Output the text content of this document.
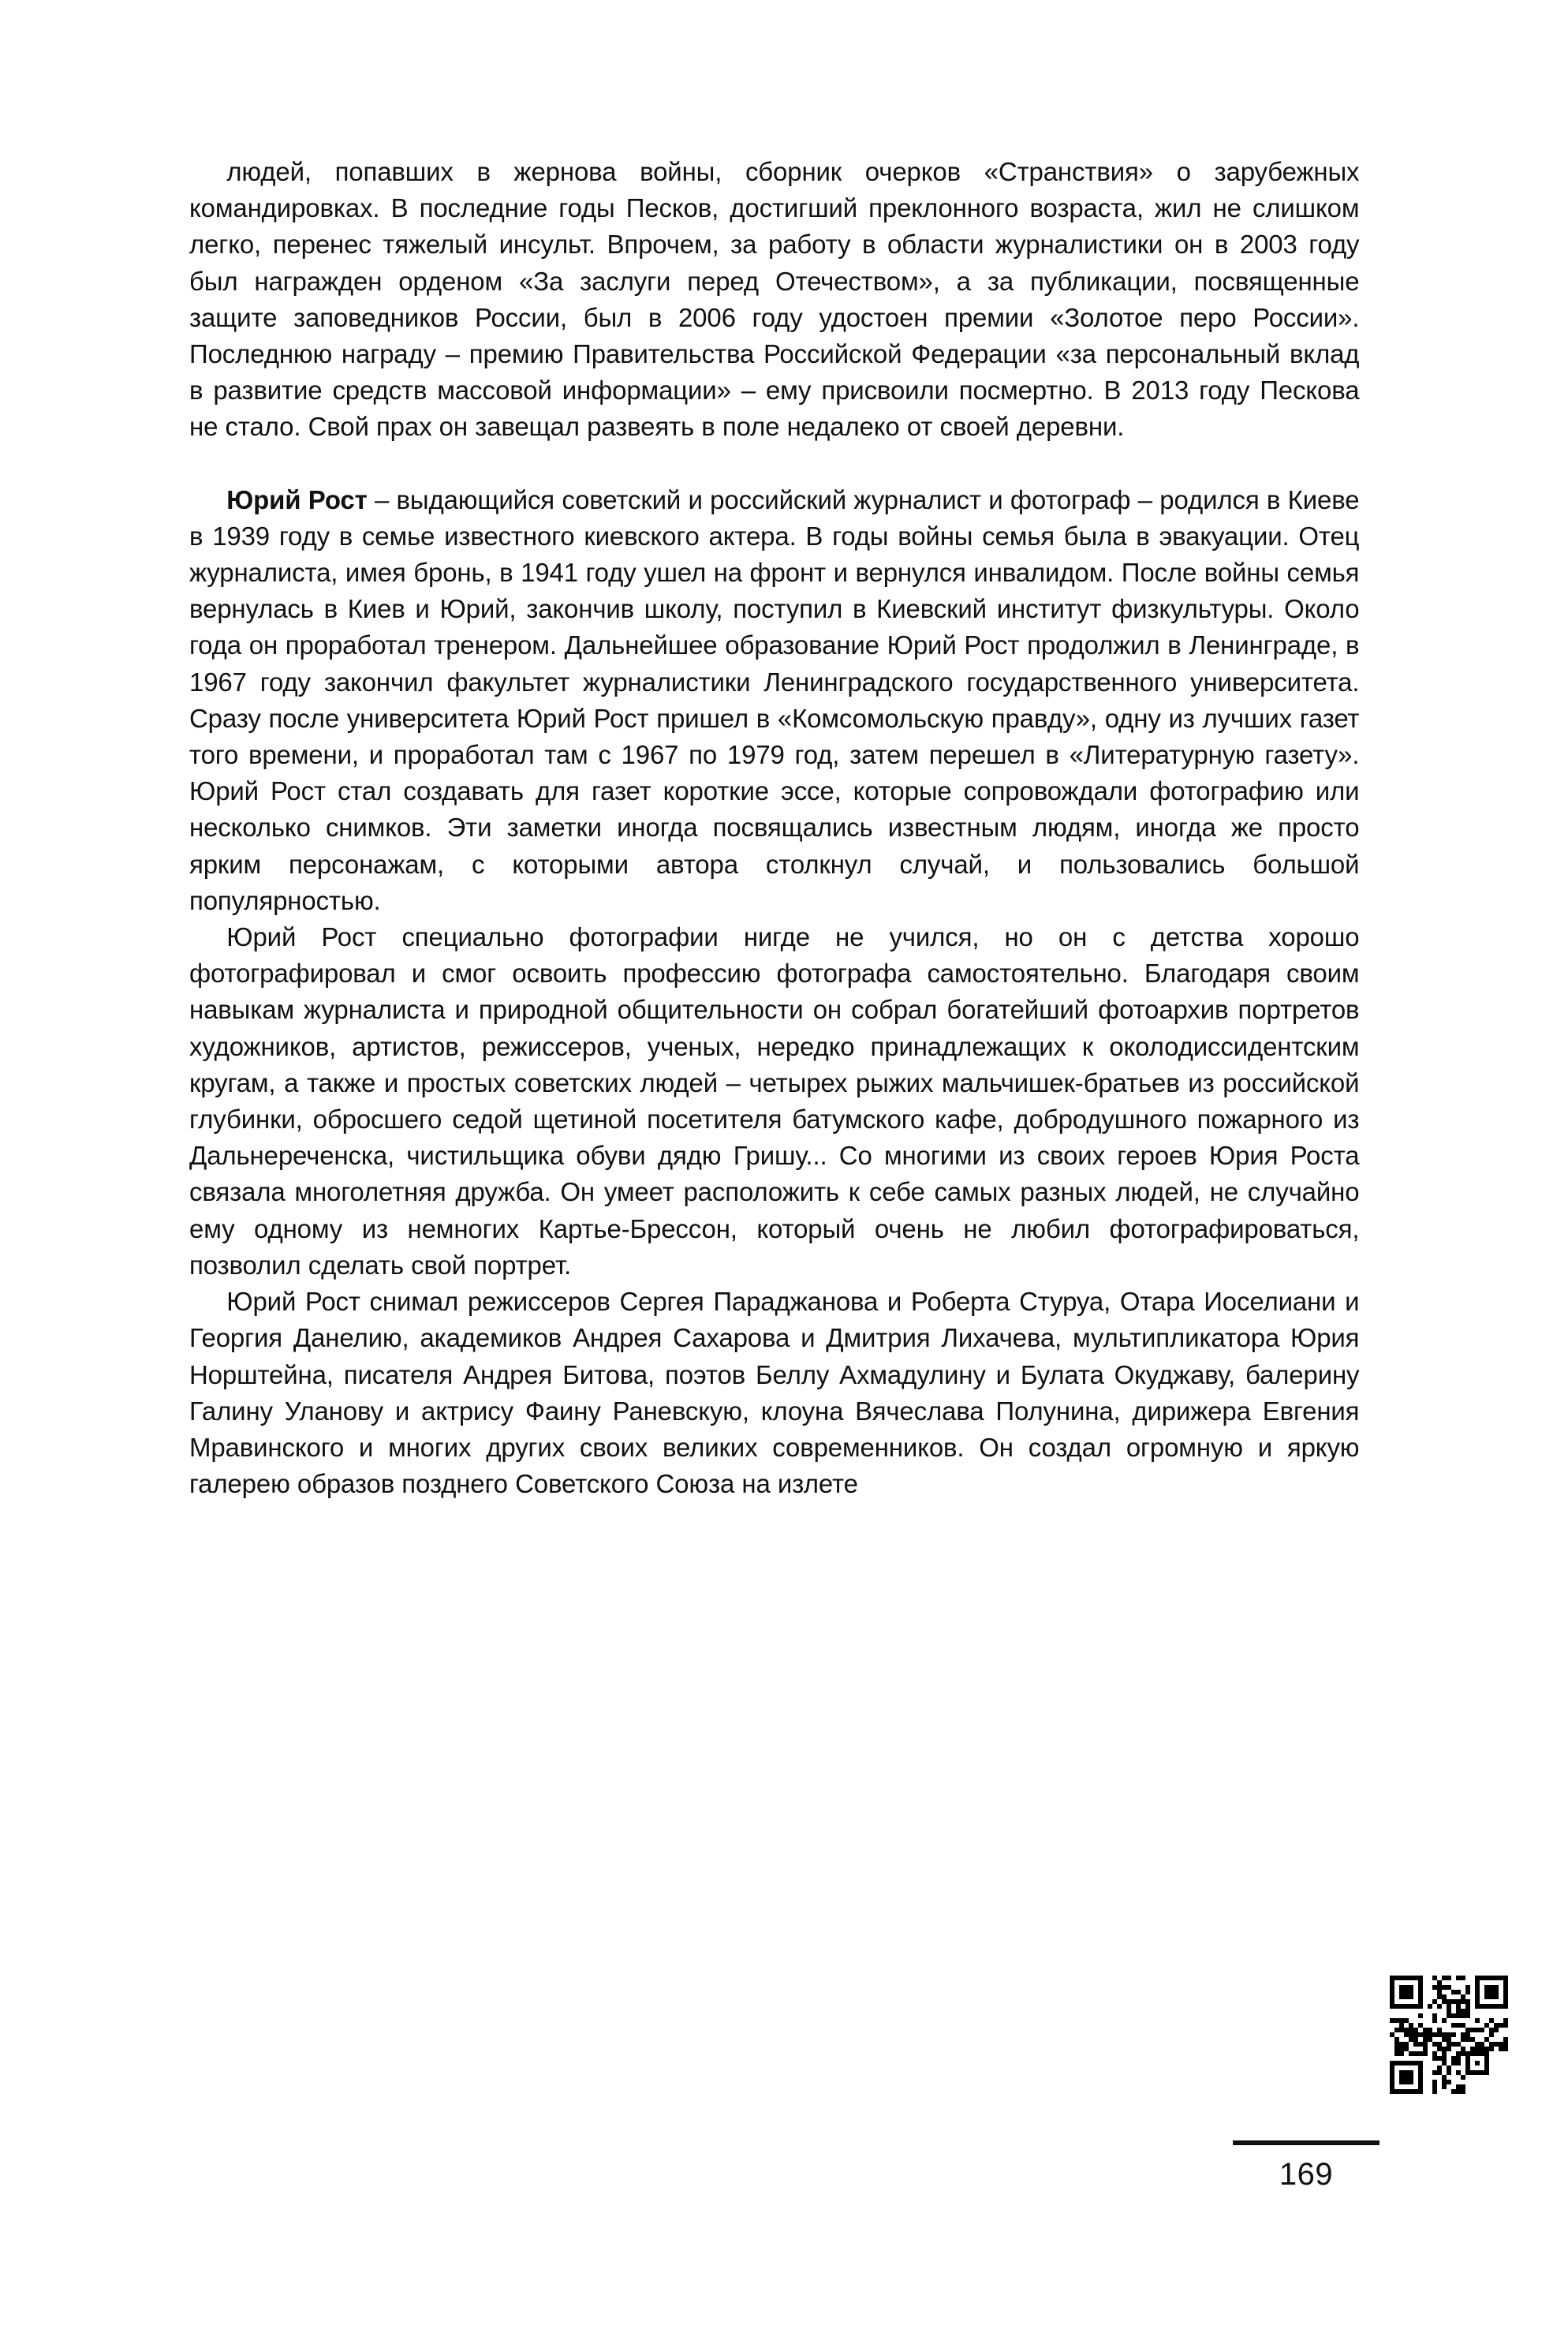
людей, попавших в жернова войны, сборник очерков «Странствия» о зарубежных командировках. В последние годы Песков, достигший преклонного возраста, жил не слишком легко, перенес тяжелый инсульт. Впрочем, за работу в области журналистики он в 2003 году был награжден орденом «За заслуги перед Отечеством», а за публикации, посвященные защите заповедников России, был в 2006 году удостоен премии «Золотое перо России». Последнюю награду – премию Правительства Российской Федерации «за персональный вклад в развитие средств массовой информации» – ему присвоили посмертно. В 2013 году Пескова не стало. Свой прах он завещал развеять в поле недалеко от своей деревни.

Юрий Рост – выдающийся советский и российский журналист и фотограф – родился в Киеве в 1939 году в семье известного киевского актера. В годы войны семья была в эвакуации. Отец журналиста, имея бронь, в 1941 году ушел на фронт и вернулся инвалидом. После войны семья вернулась в Киев и Юрий, закончив школу, поступил в Киевский институт физкультуры. Около года он проработал тренером. Дальнейшее образование Юрий Рост продолжил в Ленинграде, в 1967 году закончил факультет журналистики Ленинградского государственного университета. Сразу после университета Юрий Рост пришел в «Комсомольскую правду», одну из лучших газет того времени, и проработал там с 1967 по 1979 год, затем перешел в «Литературную газету». Юрий Рост стал создавать для газет короткие эссе, которые сопровождали фотографию или несколько снимков. Эти заметки иногда посвящались известным людям, иногда же просто ярким персонажам, с которыми автора столкнул случай, и пользовались большой популярностью.

Юрий Рост специально фотографии нигде не учился, но он с детства хорошо фотографировал и смог освоить профессию фотографа самостоятельно. Благодаря своим навыкам журналиста и природной общительности он собрал богатейший фотоархив портретов художников, артистов, режиссеров, ученых, нередко принадлежащих к околодиссидентским кругам, а также и простых советских людей – четырех рыжих мальчишек-братьев из российской глубинки, обросшего седой щетиной посетителя батумского кафе, добродушного пожарного из Дальнереченска, чистильщика обуви дядю Гришу... Со многими из своих героев Юрия Роста связала многолетняя дружба. Он умеет расположить к себе самых разных людей, не случайно ему одному из немногих Картье-Брессон, который очень не любил фотографироваться, позволил сделать свой портрет.

Юрий Рост снимал режиссеров Сергея Параджанова и Роберта Стуруа, Отара Иоселиани и Георгия Данелию, академиков Андрея Сахарова и Дмитрия Лихачева, мультипликатора Юрия Норштейна, писателя Андрея Битова, поэтов Беллу Ахмадулину и Булата Окуджаву, балерину Галину Уланову и актрису Фаину Раневскую, клоуна Вячеслава Полунина, дирижера Евгения Мравинского и многих других своих великих современников. Он создал огромную и яркую галерею образов позднего Советского Союза на излете

169
